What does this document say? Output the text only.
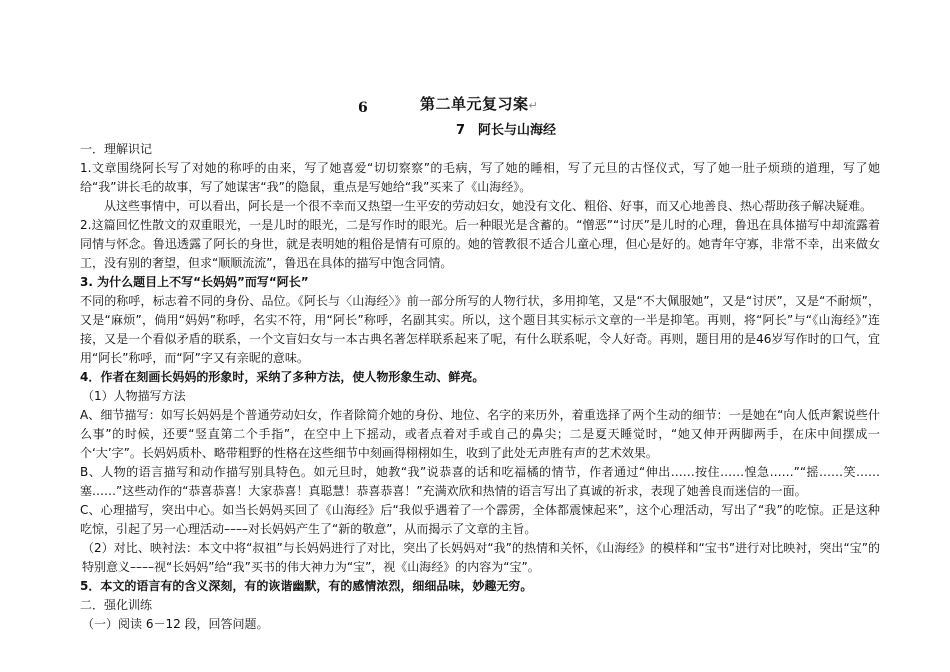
6	第二单元复习案↵
7　阿长与山海经

一．理解识记

1.文章围绕阿长写了对她的称呼的由来，写了她喜爱“切切察察”的毛病，写了她的睡相，写了元旦的古怪仪式，写了她一肚子烦琐的道理，写了她给“我”讲长毛的故事，写了她谋害“我”的隐鼠，重点是写她给“我”买来了《山海经》。

从这些事情中，可以看出，阿长是一个很不幸而又热望一生平安的劳动妇女，她没有文化、粗俗、好事，而又心地善良、热心帮助孩子解决疑难。

2.这篇回忆性散文的双重眼光，一是儿时的眼光，二是写作时的眼光。后一种眼光是含蓄的。“憎恶”“讨厌”是儿时的心理，鲁迅在具体描写中却流露着同情与怀念。鲁迅透露了阿长的身世，就是表明她的粗俗是情有可原的。她的管教很不适合儿童心理，但心是好的。她青年守寡，非常不幸，出来做女工，没有别的奢望，但求“顺顺流流”，鲁迅在具体的描写中饱含同情。

3. 为什么题目上不写“长妈妈”而写“阿长”

不同的称呼，标志着不同的身份、品位。《阿长与〈山海经〉》前一部分所写的人物行状，多用抑笔，又是“不大佩服她”，又是“讨厌”，又是“不耐烦”，又是“麻烦”，倘用“妈妈”称呼，名实不符，用“阿长”称呼，名副其实。所以，这个题目其实标示文章的一半是抑笔。再则，将“阿长”与“《山海经》”连接，又是一个看似矛盾的联系，一个文盲妇女与一本古典名著怎样联系起来了呢，有什么联系呢，令人好奇。再则，题目用的是46岁写作时的口气，宜用“阿长”称呼，而“阿”字又有亲昵的意味。

4．作者在刻画长妈妈的形象时，采纳了多种方法，使人物形象生动、鲜亮。

（1）人物描写方法

A、细节描写：如写长妈妈是个普通劳动妇女，作者除简介她的身份、地位、名字的来历外，着重选择了两个生动的细节：一是她在“向人低声絮说些什么事”的时候，还要“竖直第二个手指”，在空中上下摇动，或者点着对手或自己的鼻尖；二是夏天睡觉时，“她又伸开两脚两手，在床中间摆成一个‘大’字”。长妈妈质朴、略带粗野的性格在这些细节中刻画得栩栩如生，收到了此处无声胜有声的艺术效果。

B、人物的语言描写和动作描写别具特色。如元旦时，她教“我”说恭喜的话和吃福橘的情节，作者通过“伸出……按住……惶急……”“摇……笑……塞……”这些动作的“恭喜恭喜！大家恭喜！真聪慧！恭喜恭喜！”充满欢欣和热情的语言写出了真诚的祈求，表现了她善良而迷信的一面。

C、心理描写，突出中心。如当长妈妈买回了《山海经》后“我似乎遇着了一个霹雳，全体都震悚起来”，这个心理活动，写出了“我”的吃惊。正是这种吃惊，引起了另一心理活动––––对长妈妈产生了“新的敬意”，从而揭示了文章的主旨。

（2）对比、映衬法：本文中将“叔祖”与长妈妈进行了对比，突出了长妈妈对“我”的热情和关怀，《山海经》的模样和“宝书”进行对比映衬，突出“宝”的特别意义––––视“长妈妈”给“我”买书的伟大神力为“宝”，视《山海经》的内容为“宝”。

5．本文的语言有的含义深刻，有的诙谐幽默，有的感情浓烈，细细品味，妙趣无穷。

二．强化训练

（一）阅读 6－12 段，回答问题。
